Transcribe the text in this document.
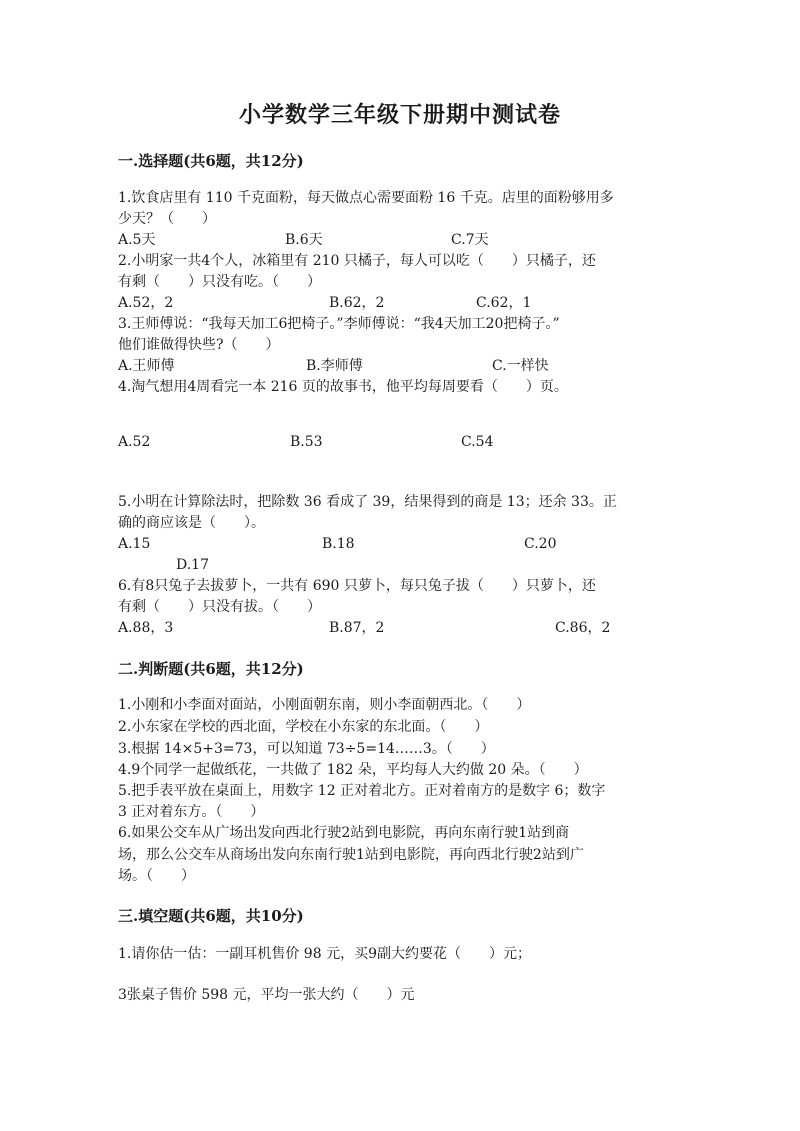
小学数学三年级下册期中测试卷
一.选择题(共6题，共12分)
1.饮食店里有 110 千克面粉，每天做点心需要面粉 16 千克。店里的面粉够用多
少天？（　　）
A.5天	B.6天	C.7天
2.小明家一共4个人，冰箱里有 210 只橘子，每人可以吃（　　）只橘子，还
有剩（　　）只没有吃。（　　）
A.52，2	B.62，2	C.62，1
3.王师傅说：“我每天加工6把椅子。”李师傅说：“我4天加工20把椅子。”
他们谁做得快些?（　　）
A.王师傅	B.李师傅	C.一样快
4.淘气想用4周看完一本 216 页的故事书，他平均每周要看（　　）页。
A.52	B.53	C.54
5.小明在计算除法时，把除数 36 看成了 39，结果得到的商是 13；还余 33。正
确的商应该是（　　）。
A.15	B.18	C.20
D.17
6.有8只兔子去拔萝卜，一共有 690 只萝卜，每只兔子拔（　　）只萝卜，还
有剩（　　）只没有拔。（　　）
A.88，3	B.87，2	C.86，2
二.判断题(共6题，共12分)
1.小刚和小李面对面站，小刚面朝东南，则小李面朝西北。（　　）
2.小东家在学校的西北面，学校在小东家的东北面。（　　）
3.根据 14×5+3=73，可以知道 73÷5=14……3。（　　）
4.9个同学一起做纸花，一共做了 182 朵，平均每人大约做 20 朵。（　　）
5.把手表平放在桌面上，用数字 12 正对着北方。正对着南方的是数字 6；数字
3 正对着东方。（　　）
6.如果公交车从广场出发向西北行驶2站到电影院，再向东南行驶1站到商
场，那么公交车从商场出发向东南行驶1站到电影院，再向西北行驶2站到广
场。（　　）
三.填空题(共6题，共10分)
1.请你估一估：一副耳机售价 98 元，买9副大约要花（　　）元；
3张桌子售价 598 元，平均一张大约（　　）元
